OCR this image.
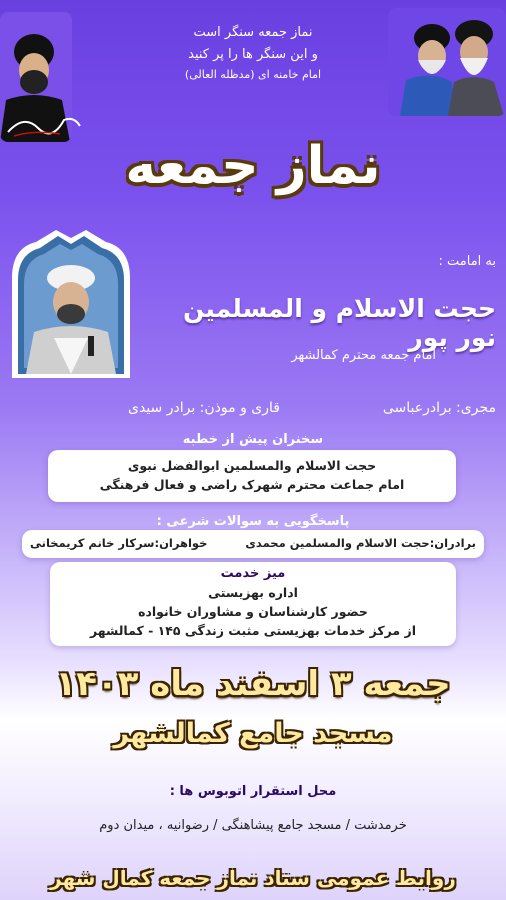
نماز جمعه سنگر است
و این سنگر ها را پر کنید
امام خامنه ای (مدظله العالی)
نماز جمعه
به امامت :
حجت الاسلام و المسلمین نور پور
امام جمعه محترم کمالشهر
مجری: برادرعباسی
قاری و موذن: برادر سیدی
سخنران پیش از خطبه
حجت الاسلام والمسلمین ابوالفضل نبوی
امام جماعت محترم شهرک راضی و فعال فرهنگی
پاسخگویی به سوالات شرعی :
برادران:حجت الاسلام والمسلمین محمدی
خواهران:سرکار خانم کریمخانی
میز خدمت
اداره بهزیستی
حضور کارشناسان و مشاوران خانواده
از مرکز خدمات بهزیستی مثبت زندگی ۱۴۵ - کمالشهر
جمعه ۳ اسفند ماه ۱۴۰۳
مسجد جامع کمالشهر
محل استقرار اتوبوس ها :
خرمدشت / مسجد جامع پیشاهنگی / رضوانیه ، میدان دوم
روابط عمومی ستاد نماز جمعه کمال شهر
